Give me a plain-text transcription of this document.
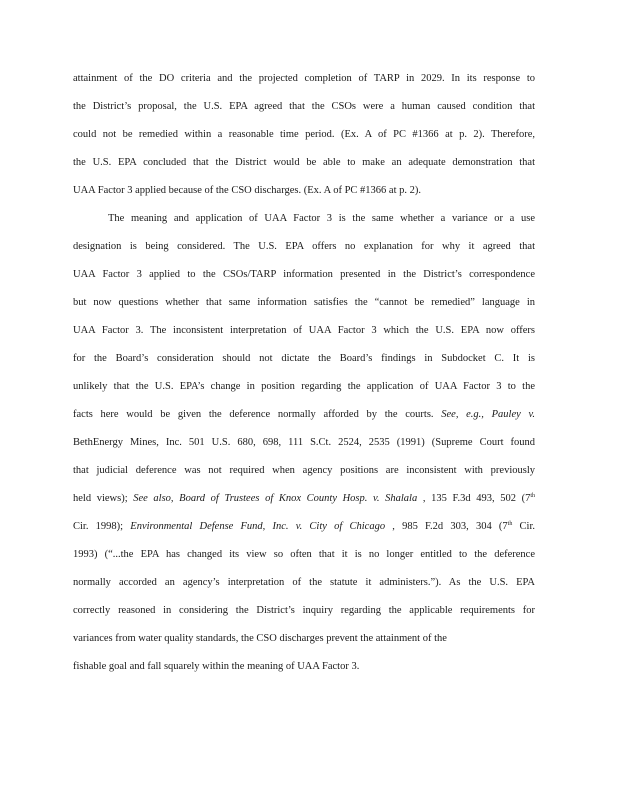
attainment of the DO criteria and the projected completion of TARP in 2029. In its response to

the District’s proposal, the U.S. EPA agreed that the CSOs were a human caused condition that

could not be remedied within a reasonable time period. (Ex. A of PC #1366 at p. 2). Therefore,

the U.S. EPA concluded that the District would be able to make an adequate demonstration that

UAA Factor 3 applied because of the CSO discharges. (Ex. A of PC #1366 at p. 2).

The meaning and application of UAA Factor 3 is the same whether a variance or a use

designation is being considered. The U.S. EPA offers no explanation for why it agreed that

UAA Factor 3 applied to the CSOs/TARP information presented in the District’s correspondence

but now questions whether that same information satisfies the “cannot be remedied” language in

UAA Factor 3. The inconsistent interpretation of UAA Factor 3 which the U.S. EPA now offers

for the Board’s consideration should not dictate the Board’s findings in Subdocket C. It is

unlikely that the U.S. EPA’s change in position regarding the application of UAA Factor 3 to the

facts here would be given the deference normally afforded by the courts. See, e.g., Pauley v.

BethEnergy Mines, Inc. 501 U.S. 680, 698, 111 S.Ct. 2524, 2535 (1991) (Supreme Court found

that judicial deference was not required when agency positions are inconsistent with previously

held views); See also, Board of Trustees of Knox County Hosp. v. Shalala , 135 F.3d 493, 502 (7th

Cir. 1998); Environmental Defense Fund, Inc. v. City of Chicago , 985 F.2d 303, 304 (7th Cir.

1993) (“...the EPA has changed its view so often that it is no longer entitled to the deference

normally accorded an agency’s interpretation of the statute it administers.”). As the U.S. EPA

correctly reasoned in considering the District’s inquiry regarding the applicable requirements for

variances from water quality standards, the CSO discharges prevent the attainment of the

fishable goal and fall squarely within the meaning of UAA Factor 3.
